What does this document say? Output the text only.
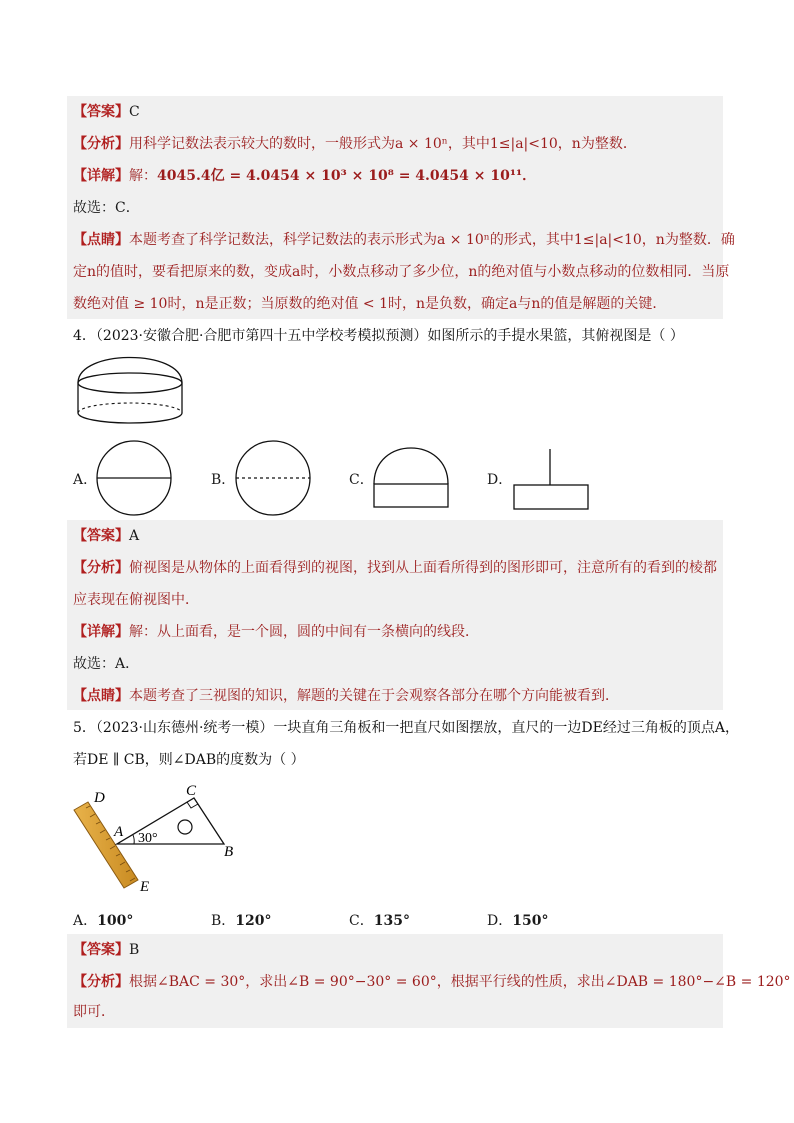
【答案】C
【分析】用科学记数法表示较大的数时，一般形式为a × 10ⁿ，其中1≤|a|<10，n为整数．
【详解】解：4045.4亿 = 4.0454 × 10³ × 10⁸ = 4.0454 × 10¹¹．
故选：C．
【点睛】本题考查了科学记数法，科学记数法的表示形式为a × 10ⁿ的形式，其中1≤|a|<10，n为整数．确
定n的值时，要看把原来的数，变成a时，小数点移动了多少位，n的绝对值与小数点移动的位数相同．当原
数绝对值 ≥ 10时，n是正数；当原数的绝对值 < 1时，n是负数，确定a与n的值是解题的关键．
4．（2023·安徽合肥·合肥市第四十五中学校考模拟预测）如图所示的手提水果篮，其俯视图是（ ）
A．	B．	C．	D．
【答案】A
【分析】俯视图是从物体的上面看得到的视图，找到从上面看所得到的图形即可，注意所有的看到的棱都
应表现在俯视图中．
【详解】解：从上面看，是一个圆，圆的中间有一条横向的线段．
故选：A．
【点睛】本题考查了三视图的知识，解题的关键在于会观察各部分在哪个方向能被看到．
5．（2023·山东德州·统考一模）一块直角三角板和一把直尺如图摆放，直尺的一边DE经过三角板的顶点A，
若DE ∥ CB，则∠DAB的度数为（ ）
D	C
A 30°
B
E
A．100°	B．120°	C．135°	D．150°
【答案】B
【分析】根据∠BAC = 30°，求出∠B = 90°−30° = 60°，根据平行线的性质，求出∠DAB = 180°−∠B = 120°
即可．
